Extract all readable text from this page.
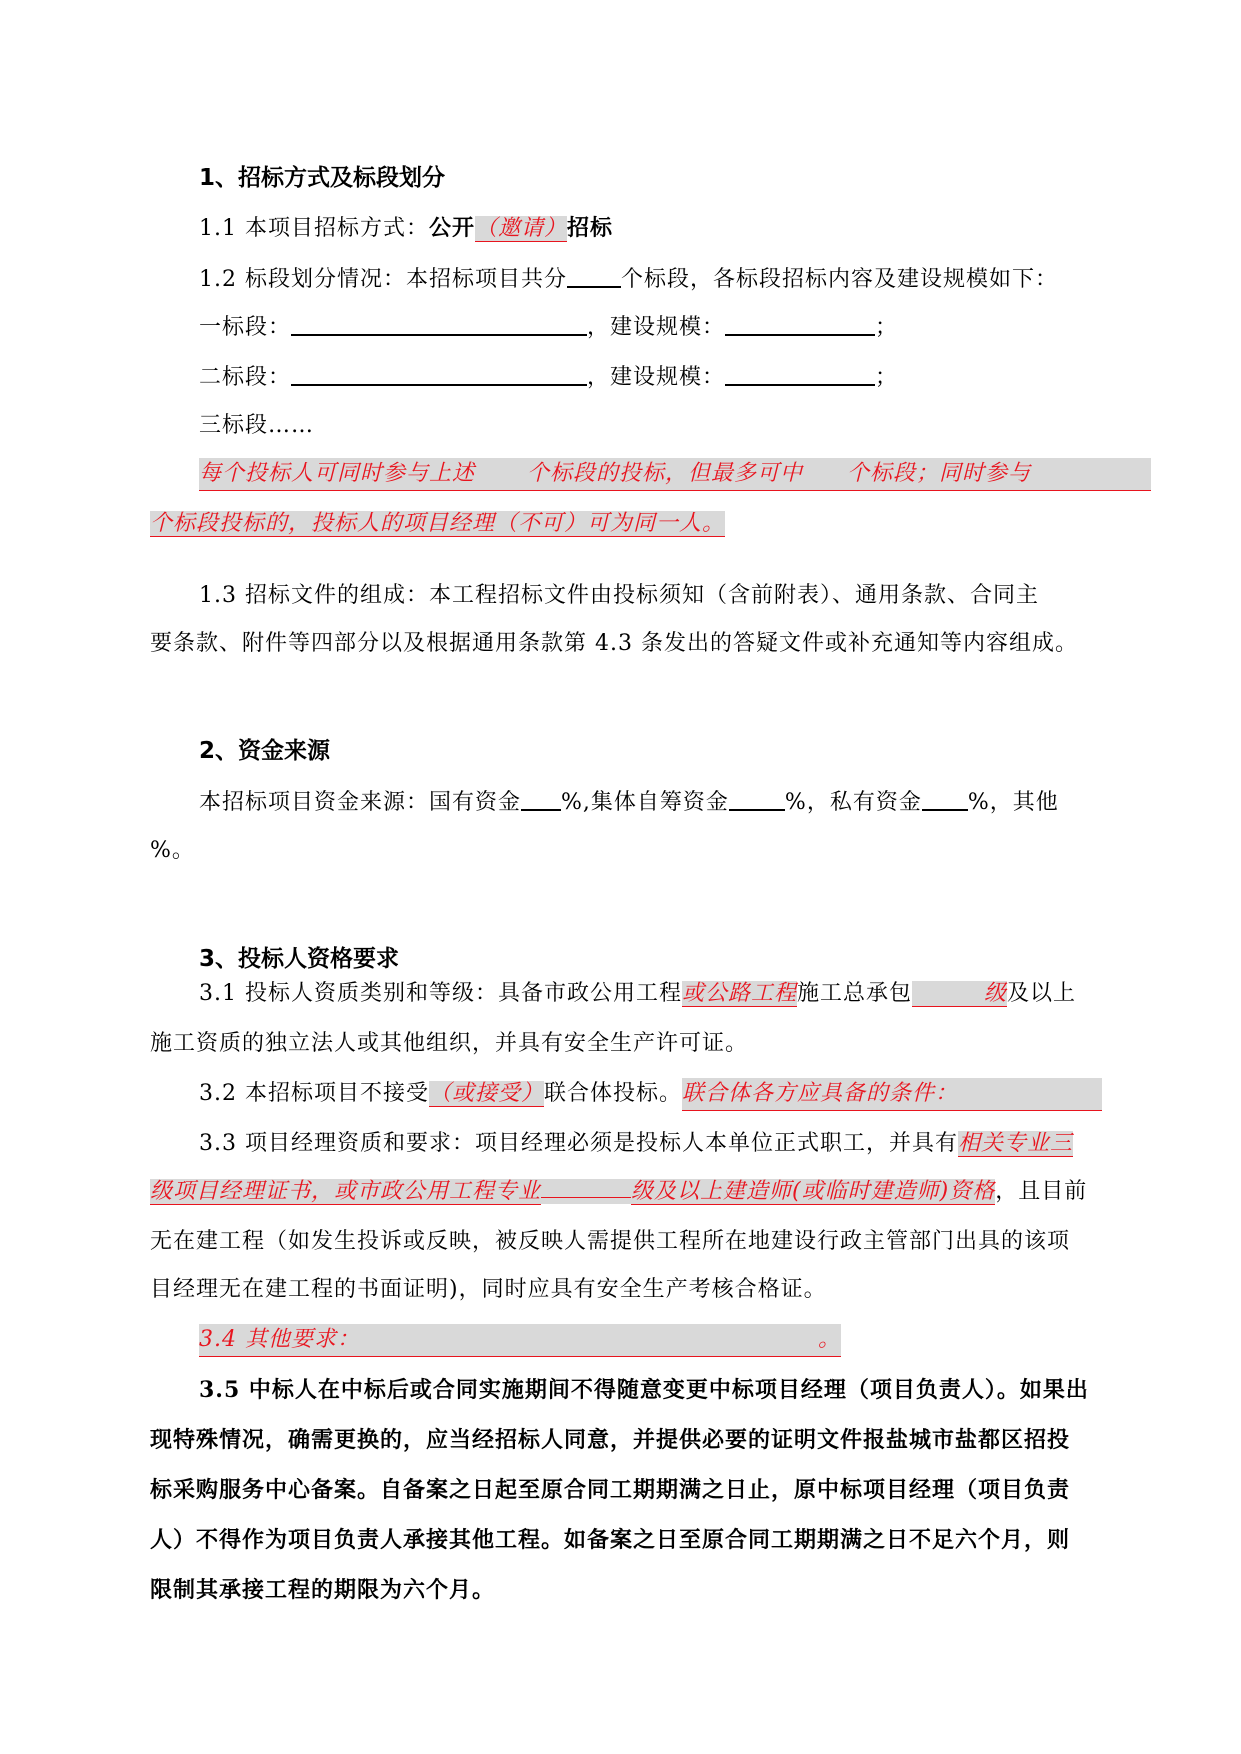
1、招标方式及标段划分
1.1 本项目招标方式：公开（邀请）招标
1.2 标段划分情况：本招标项目共分 个标段，各标段招标内容及建设规模如下：
一标段：	，建设规模：	；
二标段：	，建设规模：	；
三标段……
每个投标人可同时参与上述 个标段的投标，但最多可中 个标段；同时参与
个标段投标的，投标人的项目经理（不可）可为同一人。
1.3 招标文件的组成：本工程招标文件由投标须知（含前附表）、通用条款、合同主
要条款、附件等四部分以及根据通用条款第 4.3 条发出的答疑文件或补充通知等内容组成。
2、资金来源
本招标项目资金来源：国有资金 %,集体自筹资金	%，私有资金 %，其他
%。
3、投标人资格要求
3.1 投标人资质类别和等级：具备市政公用工程或公路工程施工总承包	级及以上
施工资质的独立法人或其他组织，并具有安全生产许可证。
3.2 本招标项目不接受（或接受）联合体投标。联合体各方应具备的条件：
3.3 项目经理资质和要求：项目经理必须是投标人本单位正式职工，并具有相关专业三
级项目经理证书，或市政公用工程专业	级及以上建造师(或临时建造师)资格，且目前
无在建工程（如发生投诉或反映，被反映人需提供工程所在地建设行政主管部门出具的该项
目经理无在建工程的书面证明)，同时应具有安全生产考核合格证。
3.4 其他要求：	。
3.5 中标人在中标后或合同实施期间不得随意变更中标项目经理（项目负责人）。如果出
现特殊情况，确需更换的，应当经招标人同意，并提供必要的证明文件报盐城市盐都区招投
标采购服务中心备案。自备案之日起至原合同工期期满之日止，原中标项目经理（项目负责
人）不得作为项目负责人承接其他工程。如备案之日至原合同工期期满之日不足六个月，则
限制其承接工程的期限为六个月。
